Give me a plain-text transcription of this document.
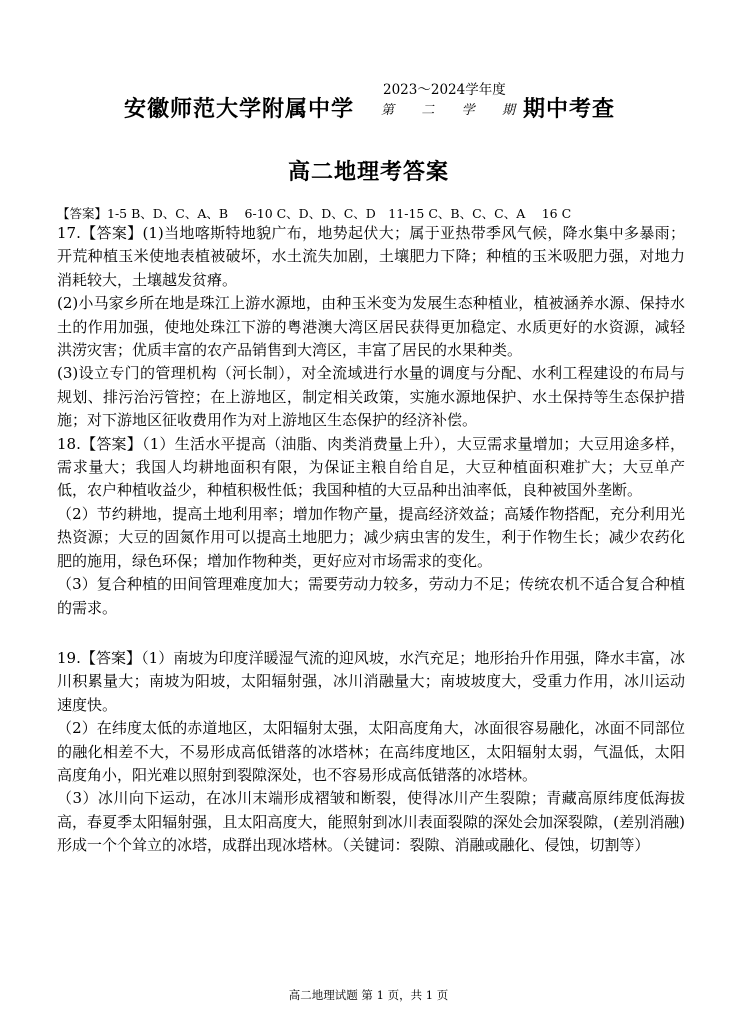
安徽师范大学附属中学
2023～2024学年度
第 二 学 期 期中考查
高二地理考答案
【答案】1-5 B、D、C、A、B　 6-10 C、D、D、C、D　11-15 C、B、C、C、A　 16 C

17.【答案】(1)当地喀斯特地貌广布，地势起伏大；属于亚热带季风气候，降水集中多暴雨；开荒种植玉米使地表植被破坏，水土流失加剧，土壤肥力下降；种植的玉米吸肥力强，对地力消耗较大，土壤越发贫瘠。

(2)小马家乡所在地是珠江上游水源地，由种玉米变为发展生态种植业，植被涵养水源、保持水土的作用加强，使地处珠江下游的粤港澳大湾区居民获得更加稳定、水质更好的水资源，减轻洪涝灾害；优质丰富的农产品销售到大湾区，丰富了居民的水果种类。

(3)设立专门的管理机构（河长制），对全流域进行水量的调度与分配、水利工程建设的布局与规划、排污治污管控；在上游地区，制定相关政策，实施水源地保护、水土保持等生态保护措施；对下游地区征收费用作为对上游地区生态保护的经济补偿。

18.【答案】（1）生活水平提高（油脂、肉类消费量上升），大豆需求量增加；大豆用途多样，需求量大；我国人均耕地面积有限，为保证主粮自给自足，大豆种植面积难扩大；大豆单产低，农户种植收益少，种植积极性低；我国种植的大豆品种出油率低，良种被国外垄断。

（2）节约耕地，提高土地利用率；增加作物产量，提高经济效益；高矮作物搭配，充分利用光热资源；大豆的固氮作用可以提高土地肥力；减少病虫害的发生，利于作物生长；减少农药化肥的施用，绿色环保；增加作物种类，更好应对市场需求的变化。

（3）复合种植的田间管理难度加大；需要劳动力较多，劳动力不足；传统农机不适合复合种植的需求。

19.【答案】（1）南坡为印度洋暖湿气流的迎风坡，水汽充足；地形抬升作用强，降水丰富，冰川积累量大；南坡为阳坡，太阳辐射强，冰川消融量大；南坡坡度大，受重力作用，冰川运动速度快。

（2）在纬度太低的赤道地区，太阳辐射太强，太阳高度角大，冰面很容易融化，冰面不同部位的融化相差不大，不易形成高低错落的冰塔林；在高纬度地区，太阳辐射太弱，气温低，太阳高度角小，阳光难以照射到裂隙深处，也不容易形成高低错落的冰塔林。

（3）冰川向下运动，在冰川末端形成褶皱和断裂，使得冰川产生裂隙；青藏高原纬度低海拔高，春夏季太阳辐射强，且太阳高度大，能照射到冰川表面裂隙的深处会加深裂隙，(差别消融)形成一个个耸立的冰塔，成群出现冰塔林。（关键词：裂隙、消融或融化、侵蚀，切割等）

高二地理试题 第 1 页，共 1 页
